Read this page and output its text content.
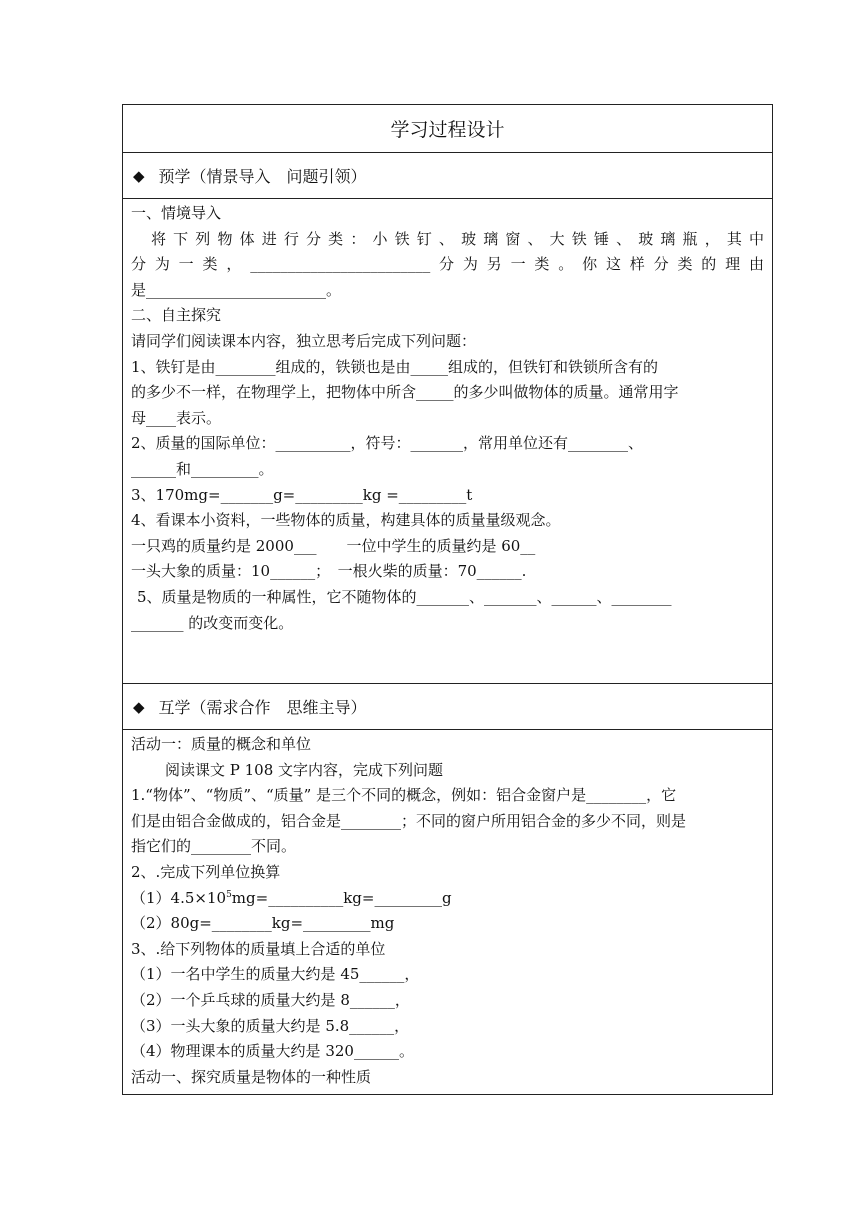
学习过程设计
◆ 预学（情景导入　问题引领）
一、情境导入
将下列物体进行分类：小铁钉、玻璃窗、大铁锤、玻璃瓶，其中
分为一类，________________________分为另一类。你这样分类的理由
是________________________。
二、自主探究
请同学们阅读课本内容，独立思考后完成下列问题：
1、铁钉是由________组成的，铁锁也是由_____组成的，但铁钉和铁锁所含有的
的多少不一样，在物理学上，把物体中所含_____的多少叫做物体的质量。通常用字
母____表示。
2、质量的国际单位：__________，符号：_______，常用单位还有________、
______和_________。
3、170mg=_______g=_________kg =_________t
4、看课本小资料，一些物体的质量，构建具体的质量量级观念。
一只鸡的质量约是 2000___　　一位中学生的质量约是 60__
一头大象的质量：10______；　一根火柴的质量：70______.
5、质量是物质的一种属性，它不随物体的_______、_______、______、________
_______ 的改变而变化。
◆ 互学（需求合作　思维主导）
活动一：质量的概念和单位
阅读课文 P 108 文字内容，完成下列问题
1.“物体”、“物质”、“质量” 是三个不同的概念，例如：铝合金窗户是________，它
们是由铝合金做成的，铝合金是________；不同的窗户所用铝合金的多少不同，则是
指它们的________不同。
2、.完成下列单位换算
$(1)4.5\times 10^5mg=\_\_\_\_\_\_\_\_\_\_kg=\_\_\_\_\_\_\_\_\_g$
（2）80g=________kg=_________mg
3、.给下列物体的质量填上合适的单位
（1）一名中学生的质量大约是 45______，
（2）一个乒乓球的质量大约是 8______，
（3）一头大象的质量大约是 5.8______，
（4）物理课本的质量大约是 320______。
活动一、探究质量是物体的一种性质
